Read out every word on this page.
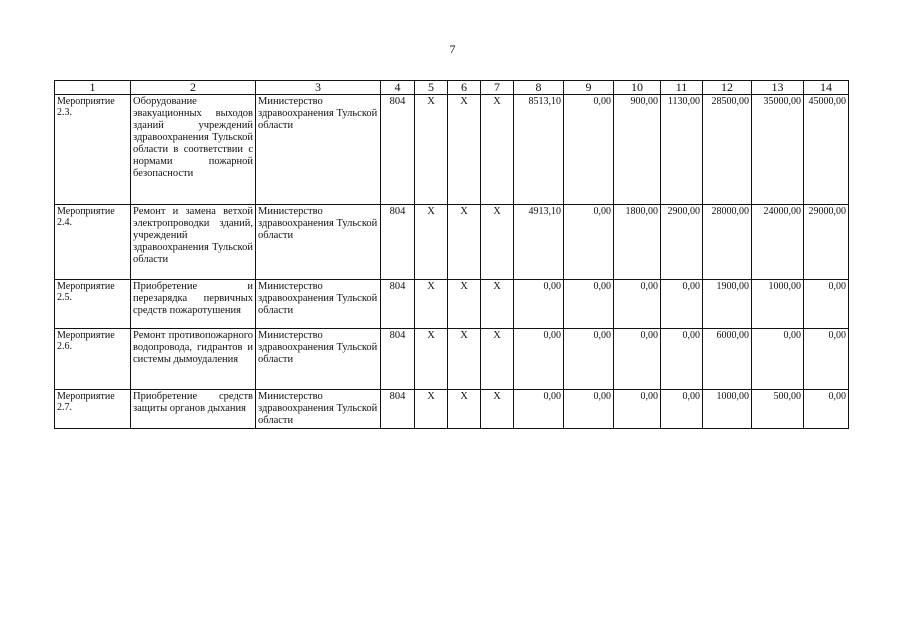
7
1	2	3	4	5	6	7	8	9	10	11	12	13	14
Мероприятие 2.3.	Оборудование эвакуационных выходов зданий учреждений здравоохранения Тульской области в соответствии с нормами пожарной безопасности	Министерство здравоохранения Тульской области	804	Х	Х	Х	8513,10	0,00	900,00	1130,00	28500,00	35000,00	45000,00
Мероприятие 2.4.	Ремонт и замена ветхой электропроводки зданий, учреждений здравоохранения Тульской области	Министерство здравоохранения Тульской области	804	Х	Х	Х	4913,10	0,00	1800,00	2900,00	28000,00	24000,00	29000,00
Мероприятие 2.5.	Приобретение и перезарядка первичных средств пожаротушения	Министерство здравоохранения Тульской области	804	Х	Х	Х	0,00	0,00	0,00	0,00	1900,00	1000,00	0,00
Мероприятие 2.6.	Ремонт противопожарного водопровода, гидрантов и системы дымоудаления	Министерство здравоохранения Тульской области	804	Х	Х	Х	0,00	0,00	0,00	0,00	6000,00	0,00	0,00
Мероприятие 2.7.	Приобретение средств защиты органов дыхания	Министерство здравоохранения Тульской области	804	Х	Х	Х	0,00	0,00	0,00	0,00	1000,00	500,00	0,00
